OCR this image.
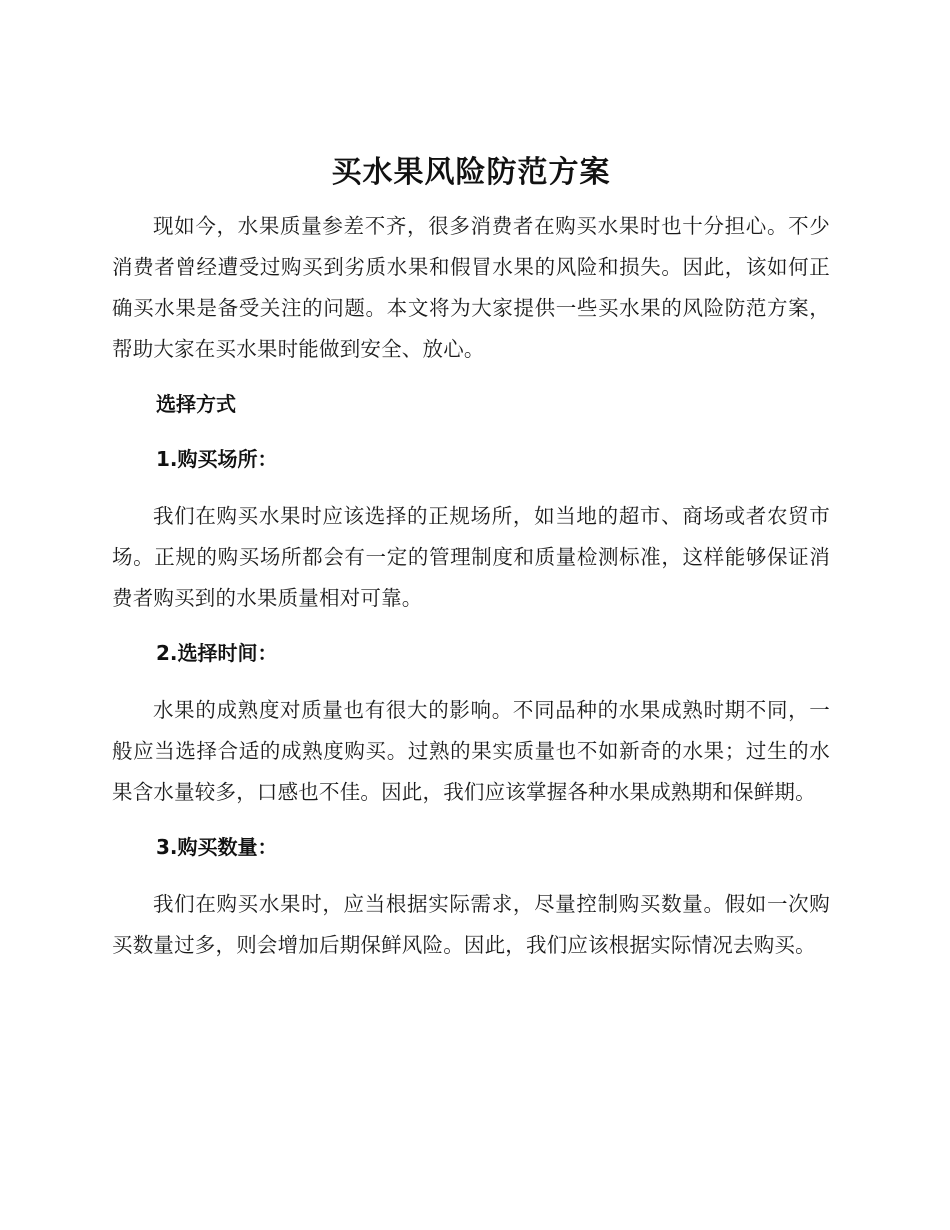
买水果风险防范方案

现如今，水果质量参差不齐，很多消费者在购买水果时也十分担心。不少消费者曾经遭受过购买到劣质水果和假冒水果的风险和损失。因此，该如何正确买水果是备受关注的问题。本文将为大家提供一些买水果的风险防范方案，帮助大家在买水果时能做到安全、放心。

选择方式
1.购买场所：

我们在购买水果时应该选择的正规场所，如当地的超市、商场或者农贸市场。正规的购买场所都会有一定的管理制度和质量检测标准，这样能够保证消费者购买到的水果质量相对可靠。

2.选择时间：

水果的成熟度对质量也有很大的影响。不同品种的水果成熟时期不同，一般应当选择合适的成熟度购买。过熟的果实质量也不如新奇的水果；过生的水果含水量较多，口感也不佳。因此，我们应该掌握各种水果成熟期和保鲜期。

3.购买数量：

我们在购买水果时，应当根据实际需求，尽量控制购买数量。假如一次购买数量过多，则会增加后期保鲜风险。因此，我们应该根据实际情况去购买。
